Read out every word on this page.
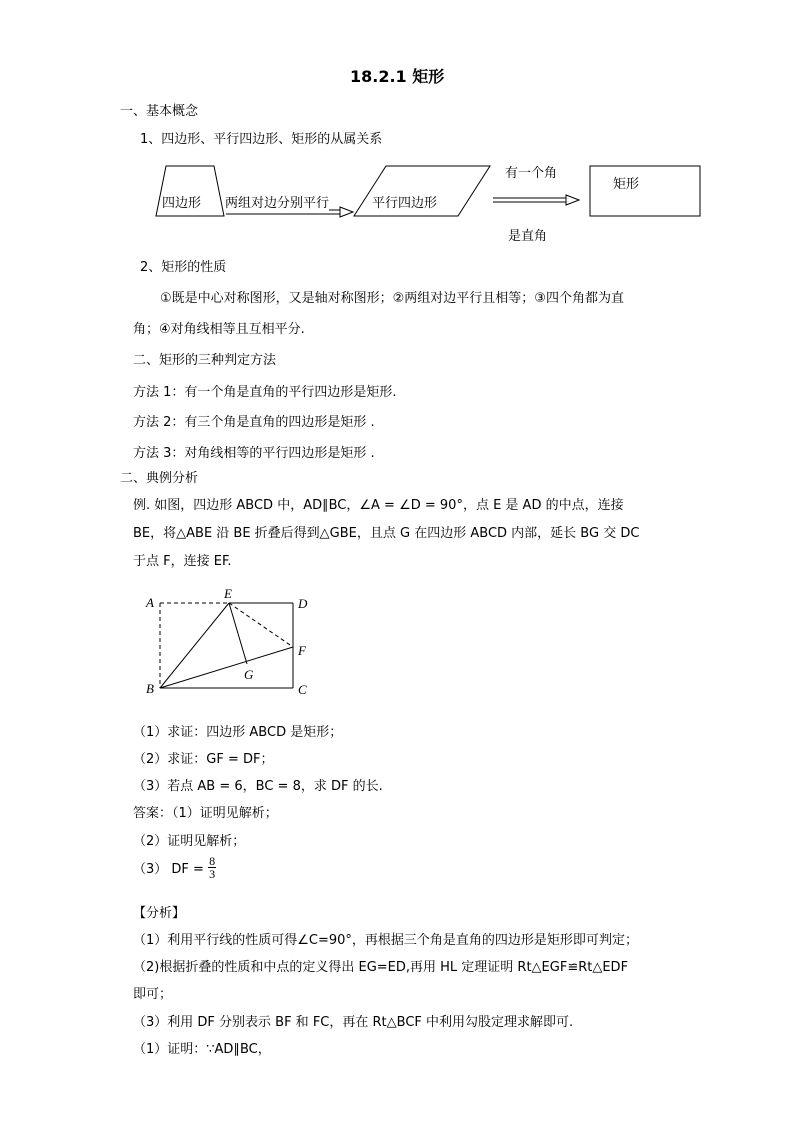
18.2.1 矩形
一、基本概念
1、四边形、平行四边形、矩形的从属关系
四边形 两组对边分别平行	平行四边形
有一个角
是直角
矩形
2、矩形的性质
①既是中心对称图形，又是轴对称图形；②两组对边平行且相等；③四个角都为直
角；④对角线相等且互相平分.
二、矩形的三种判定方法
方法 1：有一个角是直角的平行四边形是矩形.
方法 2：有三个角是直角的四边形是矩形 .
方法 3：对角线相等的平行四边形是矩形 .
二、典例分析
例. 如图，四边形 ABCD 中，AD∥BC，∠A = ∠D = 90°，点 E 是 AD 的中点，连接
BE，将△ABE 沿 BE 折叠后得到△GBE，且点 G 在四边形 ABCD 内部，延长 BG 交 DC
于点 F，连接 EF.
A
E
D
F
G
B	C
（1）求证：四边形 ABCD 是矩形；
（2）求证：GF = DF；
（3）若点 AB = 6，BC = 8，求 DF 的长.
答案：（1）证明见解析；
（2）证明见解析；
（3） DF = $\frac{8}{3}$
【分析】
（1）利用平行线的性质可得∠C=90°，再根据三个角是直角的四边形是矩形即可判定；
（2)根据折叠的性质和中点的定义得出 EG=ED,再用 HL 定理证明 Rt△EGF≌Rt△EDF
即可；
（3）利用 DF 分别表示 BF 和 FC，再在 Rt△BCF 中利用勾股定理求解即可.
（1）证明：∵AD∥BC，
